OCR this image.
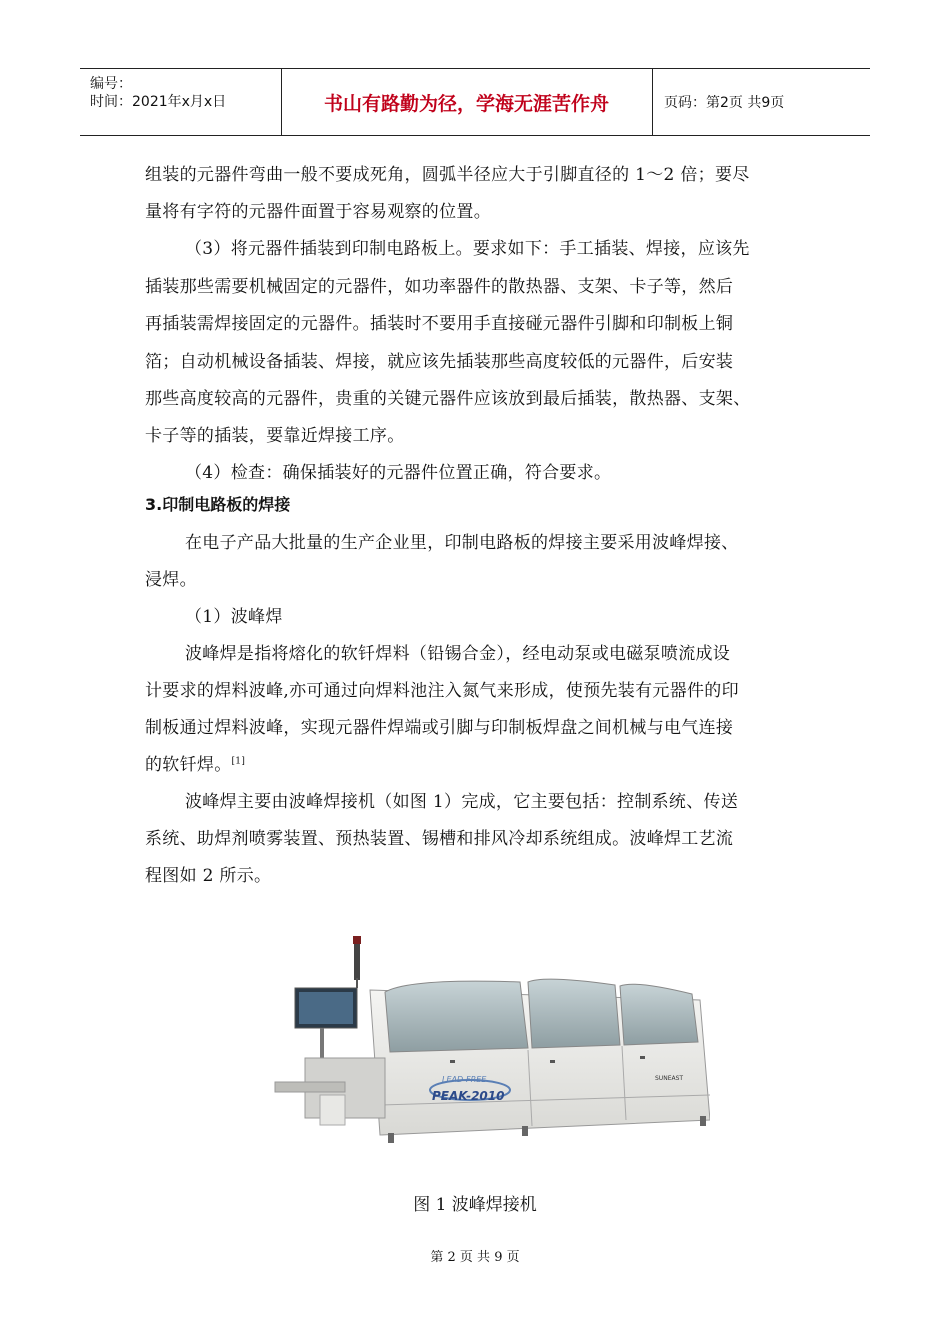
编号：
时间：2021年x月x日	书山有路勤为径，学海无涯苦作舟	页码：第2页 共9页
组装的元器件弯曲一般不要成死角，圆弧半径应大于引脚直径的 1～2 倍；要尽
量将有字符的元器件面置于容易观察的位置。
（3）将元器件插装到印制电路板上。要求如下：手工插装、焊接，应该先
插装那些需要机械固定的元器件，如功率器件的散热器、支架、卡子等，然后
再插装需焊接固定的元器件。插装时不要用手直接碰元器件引脚和印制板上铜
箔；自动机械设备插装、焊接，就应该先插装那些高度较低的元器件，后安装
那些高度较高的元器件，贵重的关键元器件应该放到最后插装，散热器、支架、
卡子等的插装，要靠近焊接工序。
（4）检查：确保插装好的元器件位置正确，符合要求。
3.印制电路板的焊接
在电子产品大批量的生产企业里，印制电路板的焊接主要采用波峰焊接、
浸焊。
（1）波峰焊
波峰焊是指将熔化的软钎焊料（铅锡合金），经电动泵或电磁泵喷流成设
计要求的焊料波峰,亦可通过向焊料池注入氮气来形成，使预先装有元器件的印
制板通过焊料波峰，实现元器件焊端或引脚与印制板焊盘之间机械与电气连接
的软钎焊。[1]
波峰焊主要由波峰焊接机（如图 1）完成，它主要包括：控制系统、传送
系统、助焊剂喷雾装置、预热装置、锡槽和排风冷却系统组成。波峰焊工艺流
程图如 2 所示。
LEAD-FREE
PEAK-2010
SUNEAST
图 1 波峰焊接机
第 2 页 共 9 页
